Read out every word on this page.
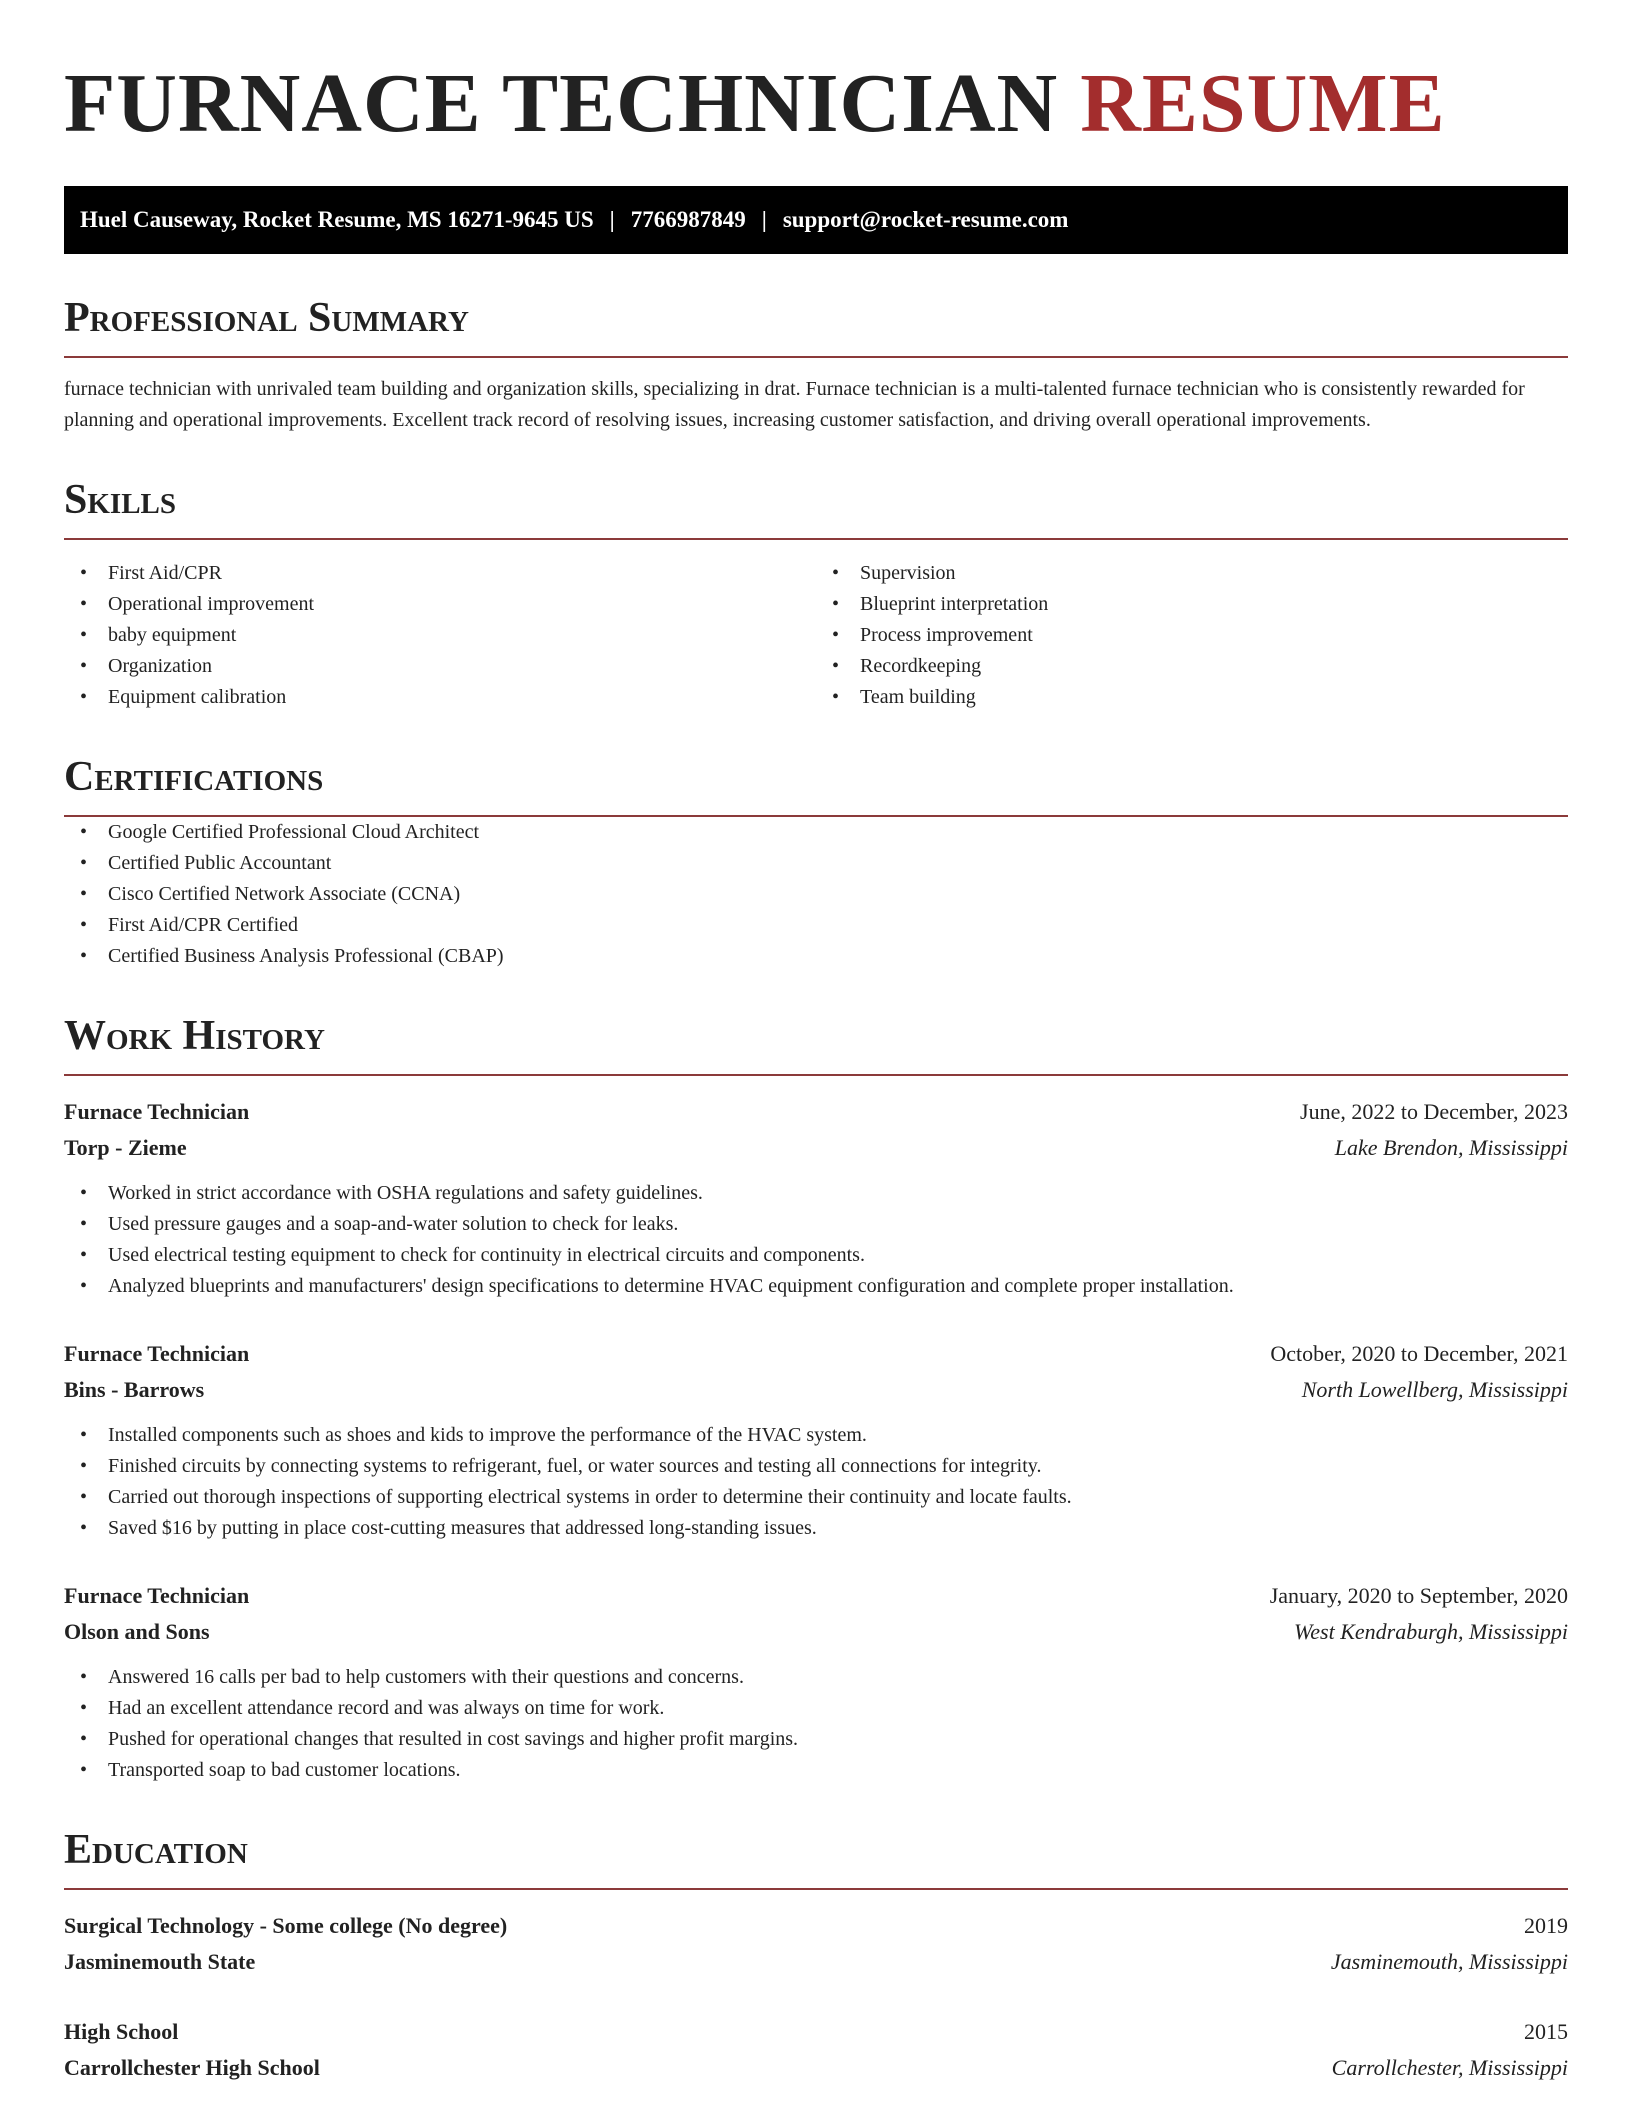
FURNACE TECHNICIAN RESUME
Huel Causeway, Rocket Resume, MS 16271-9645 US | 7766987849 | support@rocket-resume.com
Professional Summary
furnace technician with unrivaled team building and organization skills, specializing in drat. Furnace technician is a multi-talented furnace technician who is consistently rewarded for planning and operational improvements. Excellent track record of resolving issues, increasing customer satisfaction, and driving overall operational improvements.
Skills
• First Aid/CPR
• Operational improvement
• baby equipment
• Organization
• Equipment calibration
• Supervision
• Blueprint interpretation
• Process improvement
• Recordkeeping
• Team building
Certifications
• Google Certified Professional Cloud Architect
• Certified Public Accountant
• Cisco Certified Network Associate (CCNA)
• First Aid/CPR Certified
• Certified Business Analysis Professional (CBAP)
Work History
Furnace Technician	June, 2022 to December, 2023
Torp - Zieme	Lake Brendon, Mississippi
• Worked in strict accordance with OSHA regulations and safety guidelines.
• Used pressure gauges and a soap-and-water solution to check for leaks.
• Used electrical testing equipment to check for continuity in electrical circuits and components.
• Analyzed blueprints and manufacturers' design specifications to determine HVAC equipment configuration and complete proper installation.
Furnace Technician	October, 2020 to December, 2021
Bins - Barrows	North Lowellberg, Mississippi
• Installed components such as shoes and kids to improve the performance of the HVAC system.
• Finished circuits by connecting systems to refrigerant, fuel, or water sources and testing all connections for integrity.
• Carried out thorough inspections of supporting electrical systems in order to determine their continuity and locate faults.
• Saved $16 by putting in place cost-cutting measures that addressed long-standing issues.
Furnace Technician	January, 2020 to September, 2020
Olson and Sons	West Kendraburgh, Mississippi
• Answered 16 calls per bad to help customers with their questions and concerns.
• Had an excellent attendance record and was always on time for work.
• Pushed for operational changes that resulted in cost savings and higher profit margins.
• Transported soap to bad customer locations.
Education
Surgical Technology - Some college (No degree)	2019
Jasminemouth State	Jasminemouth, Mississippi
High School	2015
Carrollchester High School	Carrollchester, Mississippi
